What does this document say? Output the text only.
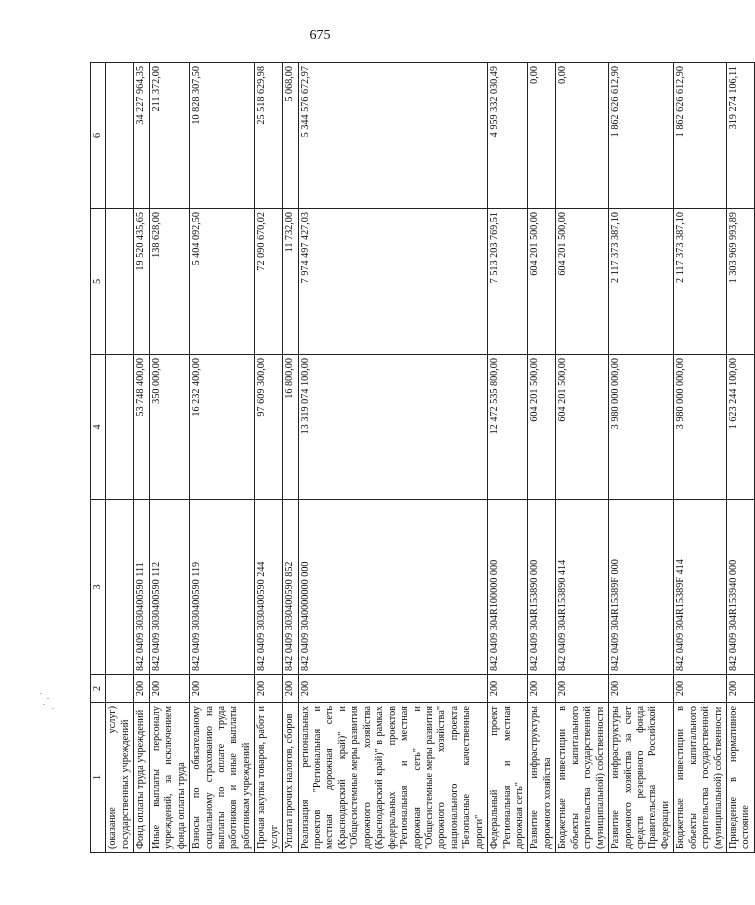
675
1	2	3	4	5	6
(оказание услуг) государственных учреждений					
Фонд оплаты труда учреждений	200	842 0409 3030400590 111	53 748 400,00	19 520 435,65	34 227 964,35
Иные выплаты персоналу учреждений, за исключением фонда оплаты труда	200	842 0409 3030400590 112	350 000,00	138 628,00	211 372,00
Взносы по обязательному социальному страхованию на выплаты по оплате труда работников и иные выплаты работникам учреждений	200	842 0409 3030400590 119	16 232 400,00	5 404 092,50	10 828 307,50
Прочая закупка товаров, работ и услуг	200	842 0409 3030400590 244	97 609 300,00	72 090 670,02	25 518 629,98
Уплата прочих налогов, сборов	200	842 0409 3030400590 852	16 800,00	11 732,00	5 068,00
Реализация региональных проектов "Региональная и местная дорожная сеть (Краснодарский край)" и "Общесистемные меры развития дорожного хозяйства (Краснодарский край)" в рамках федеральных проектов "Региональная и местная дорожная сеть" и "Общесистемные меры развития дорожного хозяйства" национального проекта "Безопасные качественные дороги"	200	842 0409 3040000000 000	13 319 074 100,00	7 974 497 427,03	5 344 576 672,97
Федеральный проект "Региональная и местная дорожная сеть"	200	842 0409 304R100000 000	12 472 535 800,00	7 513 203 769,51	4 959 332 030,49
Развитие инфраструктуры дорожного хозяйства	200	842 0409 304R153890 000	604 201 500,00	604 201 500,00	0,00
Бюджетные инвестиции в объекты капитального строительства государственной (муниципальной) собственности	200	842 0409 304R153890 414	604 201 500,00	604 201 500,00	0,00
Развитие инфраструктуры дорожного хозяйства за счет средств резервного фонда Правительства Российской Федерации	200	842 0409 304R15389F 000	3 980 000 000,00	2 117 373 387,10	1 862 626 612,90
Бюджетные инвестиции в объекты капитального строительства государственной (муниципальной) собственности	200	842 0409 304R15389F 414	3 980 000 000,00	2 117 373 387,10	1 862 626 612,90
Приведение в нормативное состояние	200	842 0409 304R153940 000	1 623 244 100,00	1 303 969 993,89	319 274 106,11
